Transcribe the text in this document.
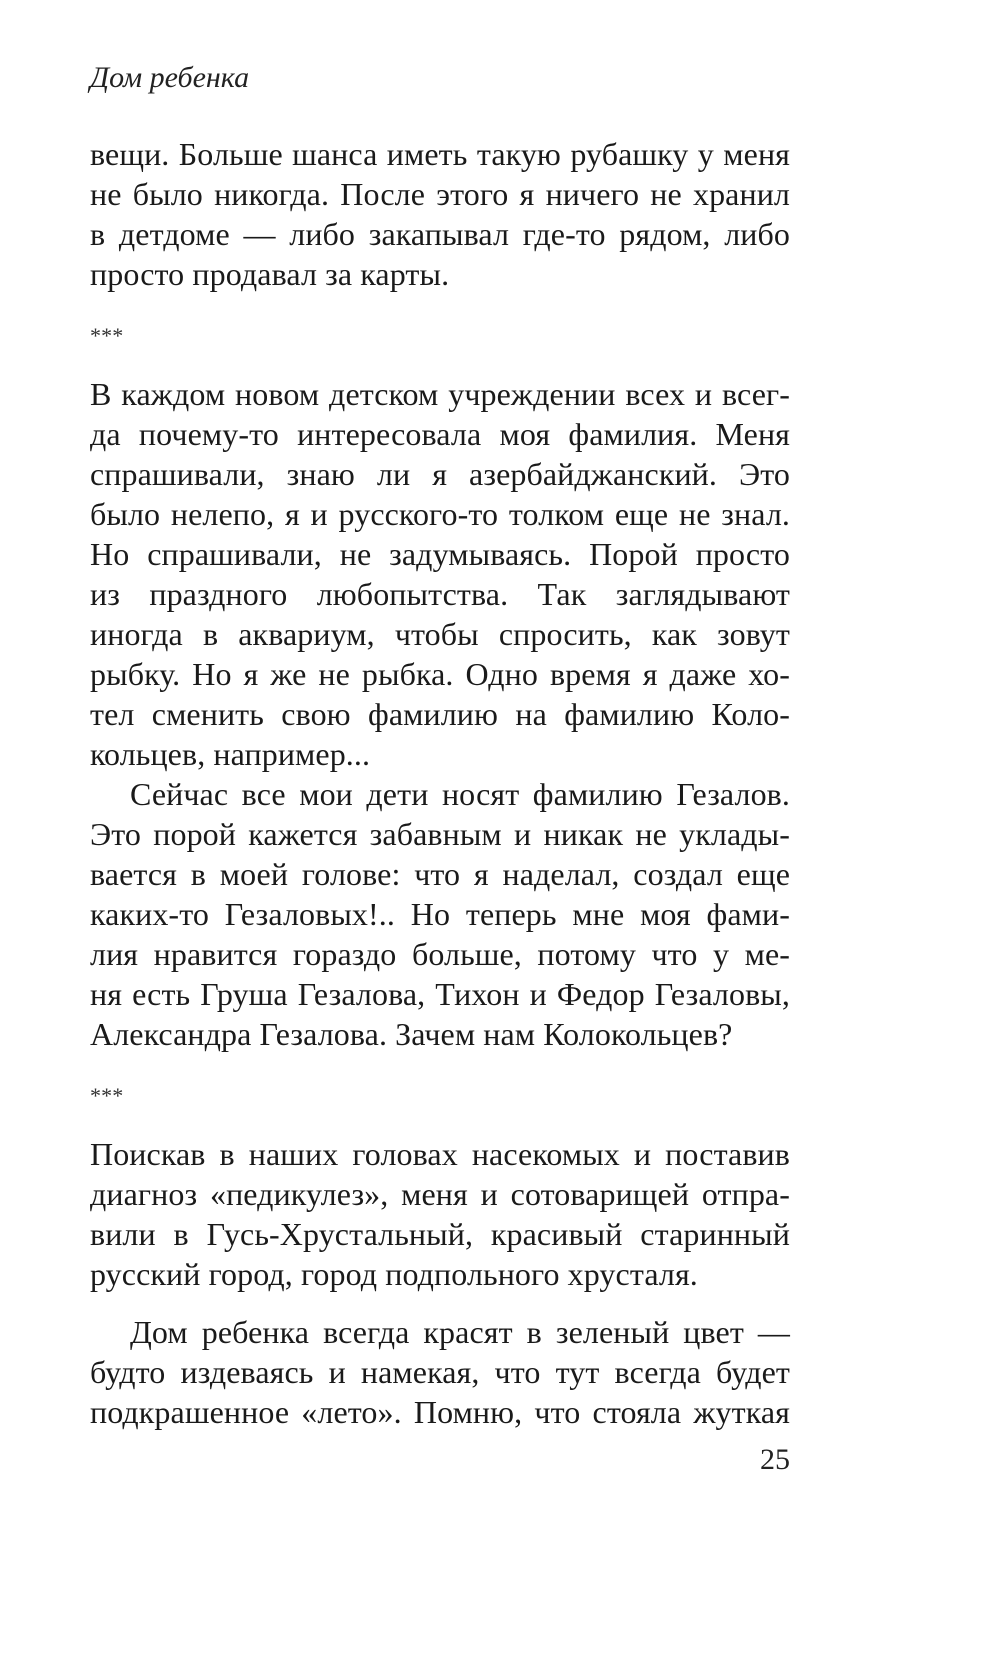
Дом ребенка
вещи. Больше шанса иметь такую рубашку у меня
не было никогда. После этого я ничего не хранил
в детдоме — либо закапывал где-то рядом, либо
просто продавал за карты.
***
В каждом новом детском учреждении всех и всег-
да почему-то интересовала моя фамилия. Меня
спрашивали, знаю ли я азербайджанский. Это
было нелепо, я и русского-то толком еще не знал.
Но спрашивали, не задумываясь. Порой просто
из праздного любопытства. Так заглядывают
иногда в аквариум, чтобы спросить, как зовут
рыбку. Но я же не рыбка. Одно время я даже хо-
тел сменить свою фамилию на фамилию Коло-
кольцев, например...
Сейчас все мои дети носят фамилию Гезалов.
Это порой кажется забавным и никак не уклады-
вается в моей голове: что я наделал, создал еще
каких-то Гезаловых!.. Но теперь мне моя фами-
лия нравится гораздо больше, потому что у ме-
ня есть Груша Гезалова, Тихон и Федор Гезаловы,
Александра Гезалова. Зачем нам Колокольцев?
***
Поискав в наших головах насекомых и поставив
диагноз «педикулез», меня и сотоварищей отпра-
вили в Гусь-Хрустальный, красивый старинный
русский город, город подпольного хрусталя.
Дом ребенка всегда красят в зеленый цвет —
будто издеваясь и намекая, что тут всегда будет
подкрашенное «лето». Помню, что стояла жуткая
25
